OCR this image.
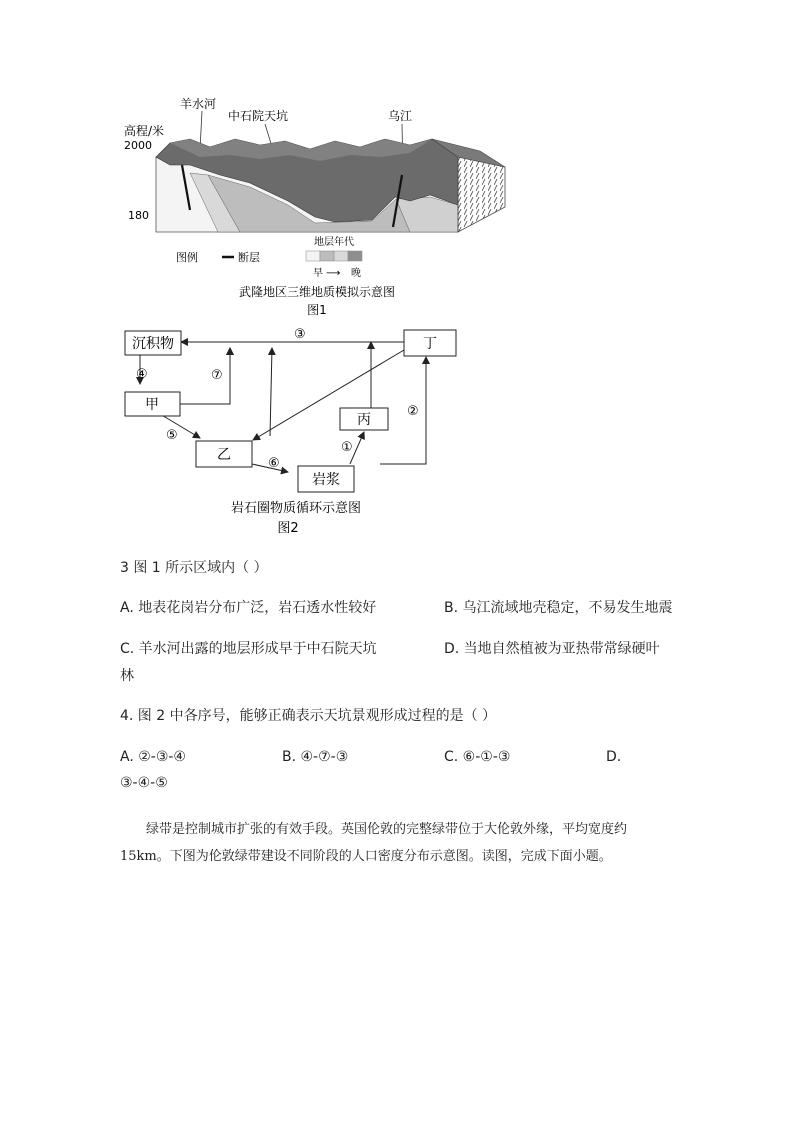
羊水河
中石院天坑	乌江
高程/米
2000
180
图例	断层
地层年代
早 ⟶ 晚
武隆地区三维地质模拟示意图
图1
沉积物
甲
乙
丙
丁
岩浆
③
④	⑦
⑤
⑥
①
②
岩石圈物质循环示意图
图2
3 图 1 所示区域内（ ）
A. 地表花岗岩分布广泛，岩石透水性较好	B. 乌江流域地壳稳定，不易发生地震
C. 羊水河出露的地层形成早于中石院天坑	D. 当地自然植被为亚热带常绿硬叶
林
4. 图 2 中各序号，能够正确表示天坑景观形成过程的是（ ）
A. ②-③-④	B. ④-⑦-③	C. ⑥-①-③	D.
③-④-⑤
绿带是控制城市扩张的有效手段。英国伦敦的完整绿带位于大伦敦外缘，平均宽度约
15km。下图为伦敦绿带建设不同阶段的人口密度分布示意图。读图，完成下面小题。
